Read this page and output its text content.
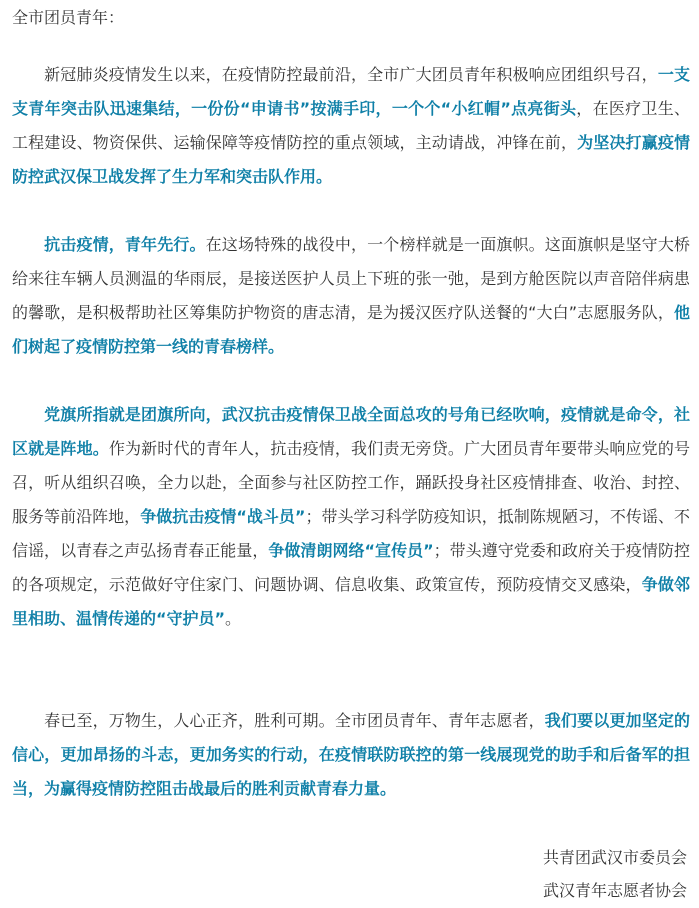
全市团员青年：

新冠肺炎疫情发生以来，在疫情防控最前沿，全市广大团员青年积极响应团组织号召，一支支青年突击队迅速集结，一份份“申请书”按满手印，一个个“小红帽”点亮街头，在医疗卫生、工程建设、物资保供、运输保障等疫情防控的重点领域，主动请战，冲锋在前，为坚决打赢疫情防控武汉保卫战发挥了生力军和突击队作用。

抗击疫情，青年先行。在这场特殊的战役中，一个榜样就是一面旗帜。这面旗帜是坚守大桥给来往车辆人员测温的华雨辰，是接送医护人员上下班的张一弛，是到方舱医院以声音陪伴病患的馨歌，是积极帮助社区筹集防护物资的唐志清，是为援汉医疗队送餐的“大白”志愿服务队，他们树起了疫情防控第一线的青春榜样。

党旗所指就是团旗所向，武汉抗击疫情保卫战全面总攻的号角已经吹响，疫情就是命令，社区就是阵地。作为新时代的青年人，抗击疫情，我们责无旁贷。广大团员青年要带头响应党的号召，听从组织召唤，全力以赴，全面参与社区防控工作，踊跃投身社区疫情排查、收治、封控、服务等前沿阵地，争做抗击疫情“战斗员”；带头学习科学防疫知识，抵制陈规陋习，不传谣、不信谣，以青春之声弘扬青春正能量，争做清朗网络“宣传员”；带头遵守党委和政府关于疫情防控的各项规定，示范做好守住家门、问题协调、信息收集、政策宣传，预防疫情交叉感染，争做邻里相助、温情传递的“守护员”。

春已至，万物生，人心正齐，胜利可期。全市团员青年、青年志愿者，我们要以更加坚定的信心，更加昂扬的斗志，更加务实的行动，在疫情联防联控的第一线展现党的助手和后备军的担当，为赢得疫情防控阻击战最后的胜利贡献青春力量。

共青团武汉市委员会
武汉青年志愿者协会
